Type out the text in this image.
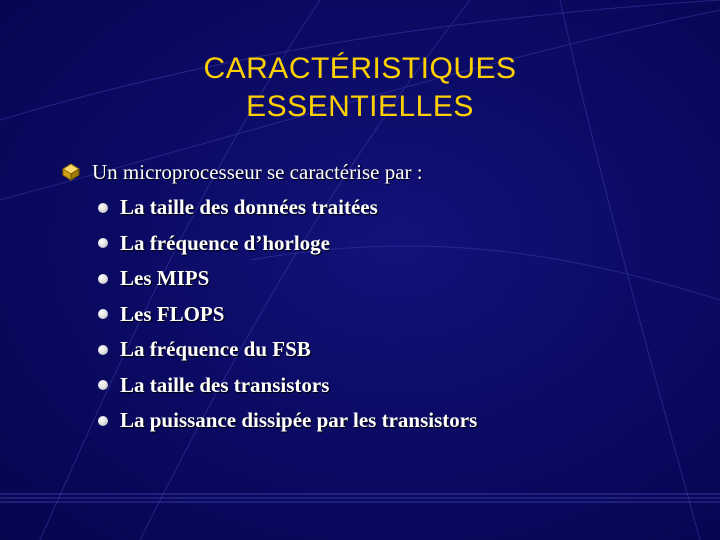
CARACTÉRISTIQUES
ESSENTIELLES
Un microprocesseur se caractérise par :
La taille des données traitées
La fréquence d’horloge
Les MIPS
Les FLOPS
La fréquence du FSB
La taille des transistors
La puissance dissipée par les transistors
